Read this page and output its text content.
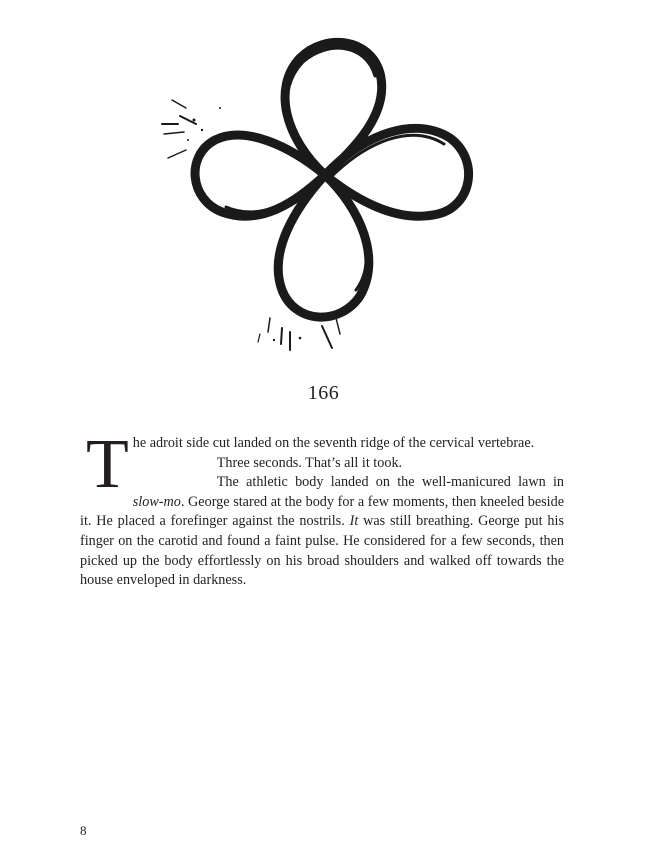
166

The adroit side cut landed on the seventh ridge of the cervical vertebrae.

Three seconds. That’s all it took.

The athletic body landed on the well-manicured lawn in slow-mo. George stared at the body for a few moments, then kneeled beside it. He placed a forefinger against the nostrils. It was still breathing. George put his finger on the carotid and found a faint pulse. He considered for a few seconds, then picked up the body effortlessly on his broad shoulders and walked off towards the house enveloped in darkness.

8
